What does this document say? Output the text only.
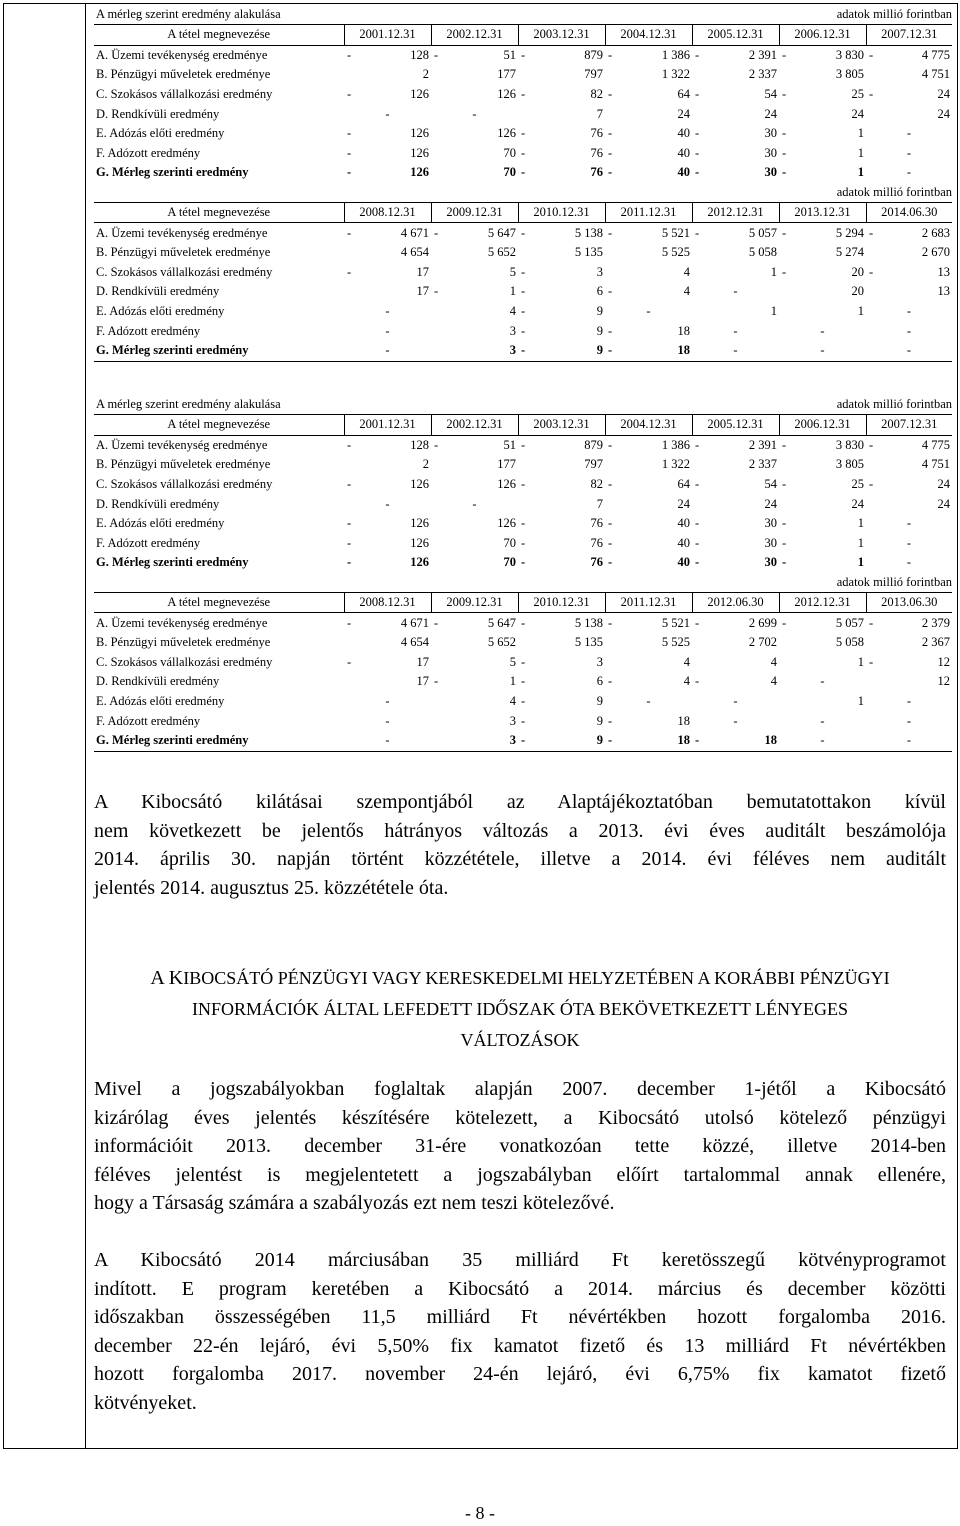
A mérleg szerint eredmény alakulása	adatok millió forintban
A tétel megnevezése	2001.12.31	2002.12.31	2003.12.31	2004.12.31	2005.12.31	2006.12.31	2007.12.31
A. Üzemi tevékenység eredménye	- 128	- 51	- 879	- 1 386	- 2 391	- 3 830	- 4 775
B. Pénzügyi műveletek eredménye	2	177	797	1 322	2 337	3 805	4 751
C. Szokásos vállalkozási eredmény	- 126	126	- 82	- 64	- 54	- 25	- 24
D. Rendkívüli eredmény	-	-	7	24	24	24	24
E. Adózás előti eredmény	- 126	126	- 76	- 40	- 30	- 1	-
F. Adózott eredmény	- 126	70	- 76	- 40	- 30	- 1	-
G. Mérleg szerinti eredmény	- 126	70	- 76	- 40	- 30	- 1	-
adatok millió forintban
A tétel megnevezése	2008.12.31	2009.12.31	2010.12.31	2011.12.31	2012.12.31	2013.12.31	2014.06.30
A. Üzemi tevékenység eredménye	- 4 671	- 5 647	- 5 138	- 5 521	- 5 057	- 5 294	- 2 683
B. Pénzügyi műveletek eredménye	4 654	5 652	5 135	5 525	5 058	5 274	2 670
C. Szokásos vállalkozási eredmény	- 17	5	- 3	4	1	- 20	- 13
D. Rendkívüli eredmény	17	- 1	- 6	- 4	-	20	13
E. Adózás előti eredmény	-	4	- 9	-	1	1	-
F. Adózott eredmény	-	3	- 9	- 18	-	-	-
G. Mérleg szerinti eredmény	-	3	- 9	- 18	-	-	-
A mérleg szerint eredmény alakulása	adatok millió forintban
A tétel megnevezése	2001.12.31	2002.12.31	2003.12.31	2004.12.31	2005.12.31	2006.12.31	2007.12.31
A. Üzemi tevékenység eredménye	- 128	- 51	- 879	- 1 386	- 2 391	- 3 830	- 4 775
B. Pénzügyi műveletek eredménye	2	177	797	1 322	2 337	3 805	4 751
C. Szokásos vállalkozási eredmény	- 126	126	- 82	- 64	- 54	- 25	- 24
D. Rendkívüli eredmény	-	-	7	24	24	24	24
E. Adózás előti eredmény	- 126	126	- 76	- 40	- 30	- 1	-
F. Adózott eredmény	- 126	70	- 76	- 40	- 30	- 1	-
G. Mérleg szerinti eredmény	- 126	70	- 76	- 40	- 30	- 1	-
adatok millió forintban
A tétel megnevezése	2008.12.31	2009.12.31	2010.12.31	2011.12.31	2012.06.30	2012.12.31	2013.06.30
A. Üzemi tevékenység eredménye	- 4 671	- 5 647	- 5 138	- 5 521	- 2 699	- 5 057	- 2 379
B. Pénzügyi műveletek eredménye	4 654	5 652	5 135	5 525	2 702	5 058	2 367
C. Szokásos vállalkozási eredmény	- 17	5	- 3	4	4	1	- 12
D. Rendkívüli eredmény	17	- 1	- 6	- 4	- 4	-	12
E. Adózás előti eredmény	-	4	- 9	-	-	1	-
F. Adózott eredmény	-	3	- 9	- 18	-	-	-
G. Mérleg szerinti eredmény	-	3	- 9	- 18	- 18	-	-
A Kibocsátó kilátásai szempontjából az Alaptájékoztatóban bemutatottakon kívül
nem következett be jelentős hátrányos változás a 2013. évi éves auditált beszámolója
2014. április 30. napján történt közzététele, illetve a 2014. évi féléves nem auditált
jelentés 2014. augusztus 25. közzététele óta.
A KIBOCSÁTÓ PÉNZÜGYI VAGY KERESKEDELMI HELYZETÉBEN A KORÁBBI PÉNZÜGYI
INFORMÁCIÓK ÁLTAL LEFEDETT IDŐSZAK ÓTA BEKÖVETKEZETT LÉNYEGES
VÁLTOZÁSOK
Mivel a jogszabályokban foglaltak alapján 2007. december 1-jétől a Kibocsátó
kizárólag éves jelentés készítésére kötelezett, a Kibocsátó utolsó kötelező pénzügyi
információit 2013. december 31-ére vonatkozóan tette közzé, illetve 2014-ben
féléves jelentést is megjelentetett a jogszabályban előírt tartalommal annak ellenére,
hogy a Társaság számára a szabályozás ezt nem teszi kötelezővé.
A Kibocsátó 2014 márciusában 35 milliárd Ft keretösszegű kötvényprogramot
indított. E program keretében a Kibocsátó a 2014. március és december közötti
időszakban összességében 11,5 milliárd Ft névértékben hozott forgalomba 2016.
december 22-én lejáró, évi 5,50% fix kamatot fizető és 13 milliárd Ft névértékben
hozott forgalomba 2017. november 24-én lejáró, évi 6,75% fix kamatot fizető
kötvényeket.
- 8 -
